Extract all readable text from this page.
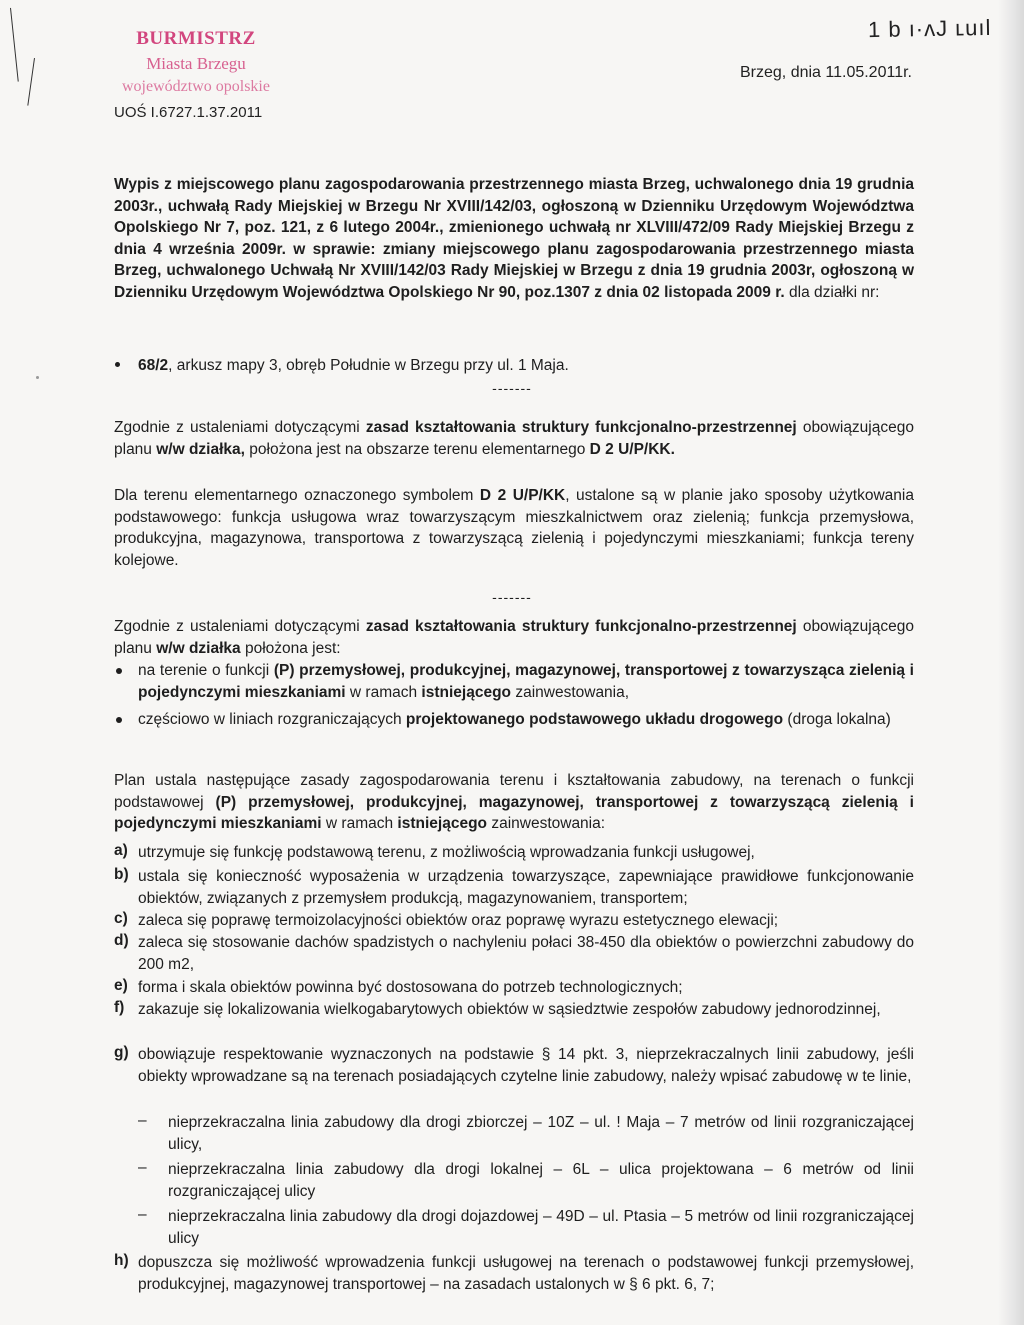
BURMISTRZ
Miasta Brzegu
województwo opolskie
UOŚ I.6727.1.37.2011
1 b ı·ʌJ ʟuıl
Brzeg, dnia 11.05.2011r.
Wypis z miejscowego planu zagospodarowania przestrzennego miasta Brzeg, uchwalonego dnia 19 grudnia 2003r., uchwałą Rady Miejskiej w Brzegu Nr XVIII/142/03, ogłoszoną w Dzienniku Urzędowym Województwa Opolskiego Nr 7, poz. 121, z 6 lutego 2004r., zmienionego uchwałą nr XLVIII/472/09 Rady Miejskiej Brzegu z dnia 4 września 2009r. w sprawie: zmiany miejscowego planu zagospodarowania przestrzennego miasta Brzeg, uchwalonego Uchwałą Nr XVIII/142/03 Rady Miejskiej w Brzegu z dnia 19 grudnia 2003r, ogłoszoną w Dzienniku Urzędowym Województwa Opolskiego Nr 90, poz.1307 z dnia 02 listopada 2009 r. dla działki nr:
68/2, arkusz mapy 3, obręb Południe w Brzegu przy ul. 1 Maja.
-------
Zgodnie z ustaleniami dotyczącymi zasad kształtowania struktury funkcjonalno-przestrzennej obowiązującego planu w/w działka, położona jest na obszarze terenu elementarnego D 2 U/P/KK.
Dla terenu elementarnego oznaczonego symbolem D 2 U/P/KK, ustalone są w planie jako sposoby użytkowania podstawowego: funkcja usługowa wraz towarzyszącym mieszkalnictwem oraz zielenią; funkcja przemysłowa, produkcyjna, magazynowa, transportowa z towarzyszącą zielenią i pojedynczymi mieszkaniami; funkcja tereny kolejowe.
-------
Zgodnie z ustaleniami dotyczącymi zasad kształtowania struktury funkcjonalno-przestrzennej obowiązującego planu w/w działka położona jest:
na terenie o funkcji (P) przemysłowej, produkcyjnej, magazynowej, transportowej z towarzysząca zielenią i pojedynczymi mieszkaniami w ramach istniejącego zainwestowania,
częściowo w liniach rozgraniczających projektowanego podstawowego układu drogowego (droga lokalna)
Plan ustala następujące zasady zagospodarowania terenu i kształtowania zabudowy, na terenach o funkcji podstawowej (P) przemysłowej, produkcyjnej, magazynowej, transportowej z towarzyszącą zielenią i pojedynczymi mieszkaniami w ramach istniejącego zainwestowania:
a) utrzymuje się funkcję podstawową terenu, z możliwością wprowadzania funkcji usługowej,
b) ustala się konieczność wyposażenia w urządzenia towarzyszące, zapewniające prawidłowe funkcjonowanie obiektów, związanych z przemysłem produkcją, magazynowaniem, transportem;
c) zaleca się poprawę termoizolacyjności obiektów oraz poprawę wyrazu estetycznego elewacji;
d) zaleca się stosowanie dachów spadzistych o nachyleniu połaci 38-450 dla obiektów o powierzchni zabudowy do 200 m2,
e) forma i skala obiektów powinna być dostosowana do potrzeb technologicznych;
f) zakazuje się lokalizowania wielkogabarytowych obiektów w sąsiedztwie zespołów zabudowy jednorodzinnej,
g) obowiązuje respektowanie wyznaczonych na podstawie § 14 pkt. 3, nieprzekraczalnych linii zabudowy, jeśli obiekty wprowadzane są na terenach posiadających czytelne linie zabudowy, należy wpisać zabudowę w te linie,
– nieprzekraczalna linia zabudowy dla drogi zbiorczej – 10Z – ul. ! Maja – 7 metrów od linii rozgraniczającej ulicy,
– nieprzekraczalna linia zabudowy dla drogi lokalnej – 6L – ulica projektowana – 6 metrów od linii rozgraniczającej ulicy
– nieprzekraczalna linia zabudowy dla drogi dojazdowej – 49D – ul. Ptasia – 5 metrów od linii rozgraniczającej ulicy
h) dopuszcza się możliwość wprowadzenia funkcji usługowej na terenach o podstawowej funkcji przemysłowej, produkcyjnej, magazynowej transportowej – na zasadach ustalonych w § 6 pkt. 6, 7;
